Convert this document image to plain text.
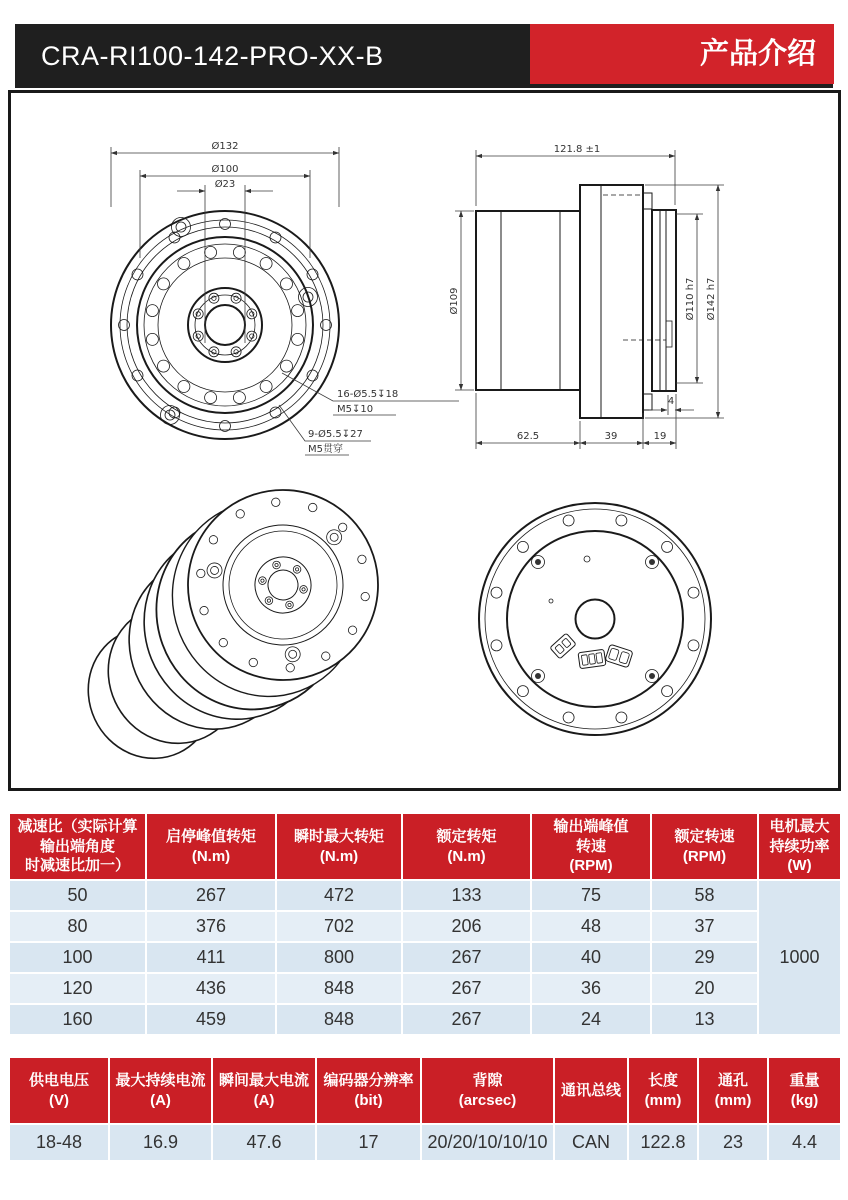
CRA-RI100-142-PRO-XX-B	产品介绍
Ø132
Ø100
Ø23
16-Ø5.5↧18
M5↧10
9-Ø5.5↧27
M5贯穿
121.8 ±1
Ø109	Ø110 h7 Ø142 h7
62.5	39	19
4
减速比（实际计算
输出端角度
时减速比加一）

启停峰值转矩
(N.m)

瞬时最大转矩
(N.m)

额定转矩
(N.m)

输出端峰值
转速
(RPM)

额定转速
(RPM)

电机最大
持续功率
(W)

50	267	472	133	75	58	1000
80	376	702	206	48	37	
100	411	800	267	40	29	
120	436	848	267	36	20	
160	459	848	267	24	13	
供电电压
(V)

最大持续电流
(A)

瞬间最大电流
(A)

编码器分辨率
(bit)

背隙
(arcsec)

通讯总线

长度
(mm)

通孔
(mm)

重量
(kg)

18-48	16.9	47.6	17	20/20/10/10/10	CAN	122.8	23	4.4
